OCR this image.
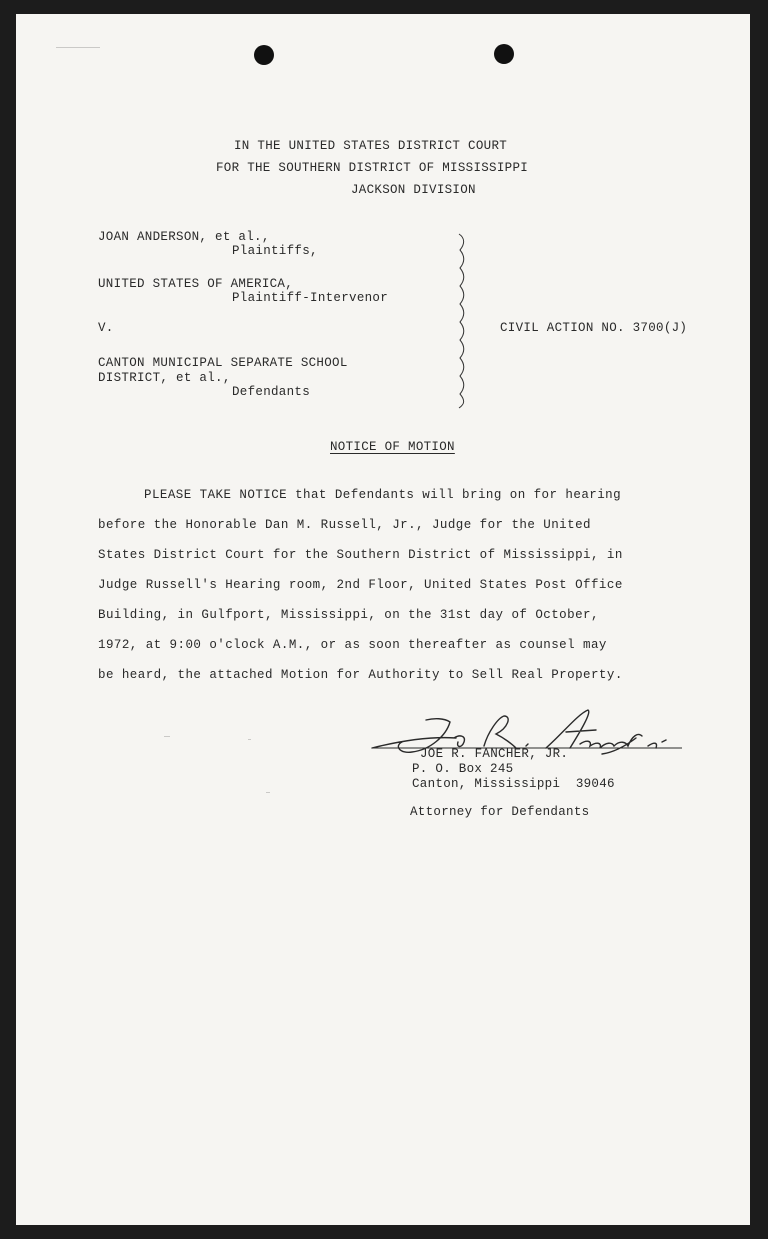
IN THE UNITED STATES DISTRICT COURT
FOR THE SOUTHERN DISTRICT OF MISSISSIPPI
JACKSON DIVISION
JOAN ANDERSON, et al.,
Plaintiffs,
UNITED STATES OF AMERICA,
Plaintiff-Intervenor
V.
CANTON MUNICIPAL SEPARATE SCHOOL
DISTRICT, et al.,
Defendants
CIVIL ACTION NO. 3700(J)
NOTICE OF MOTION
PLEASE TAKE NOTICE that Defendants will bring on for hearing
before the Honorable Dan M. Russell, Jr., Judge for the United
States District Court for the Southern District of Mississippi, in
Judge Russell's Hearing room, 2nd Floor, United States Post Office
Building, in Gulfport, Mississippi, on the 31st day of October,
1972, at 9:00 o'clock A.M., or as soon thereafter as counsel may
be heard, the attached Motion for Authority to Sell Real Property.
JOE R. FANCHER, JR.
P. O. Box 245
Canton, Mississippi  39046
Attorney for Defendants
